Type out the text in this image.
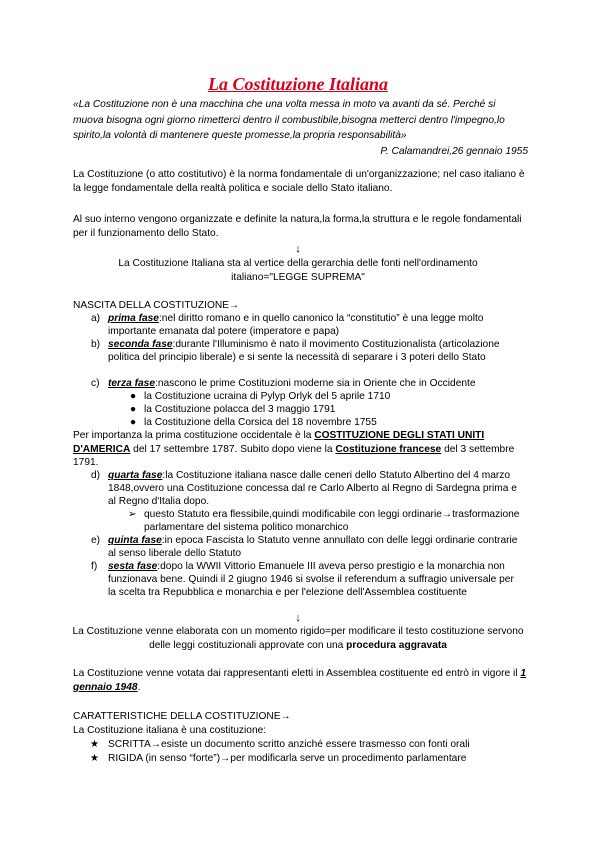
La Costituzione Italiana
«La Costituzione non è una macchina che una volta messa in moto va avanti da sé. Perché si muova bisogna ogni giorno rimetterci dentro il combustibile,bisogna metterci dentro l'impegno,lo spirito,la volontà di mantenere queste promesse,la propria responsabilità»
P. Calamandrei,26 gennaio 1955
La Costituzione (o atto costitutivo) è la norma fondamentale di un'organizzazione; nel caso italiano è la legge fondamentale della realtà politica e sociale dello Stato italiano.
Al suo interno vengono organizzate e definite la natura,la forma,la struttura e le regole fondamentali per il funzionamento dello Stato.
↓
La Costituzione Italiana sta al vertice della gerarchia delle fonti nell'ordinamento italiano="LEGGE SUPREMA"
NASCITA DELLA COSTITUZIONE→
a) prima fase:nel diritto romano e in quello canonico la “constitutio” è una legge molto importante emanata dal potere (imperatore e papa)
b) seconda fase:durante l'Illuminismo è nato il movimento Costituzionalista (articolazione politica del principio liberale) e si sente la necessità di separare i 3 poteri dello Stato
c) terza fase:nascono le prime Costituzioni moderne sia in Oriente che in Occidente
● la Costituzione ucraina di Pylyp Orlyk del 5 aprile 1710
● la Costituzione polacca del 3 maggio 1791
● la Costituzione della Corsica del 18 novembre 1755
Per importanza la prima costituzione occidentale è la COSTITUZIONE DEGLI STATI UNITI D'AMERICA del 17 settembre 1787. Subito dopo viene la Costituzione francese del 3 settembre 1791.
d) quarta fase:la Costituzione italiana nasce dalle ceneri dello Statuto Albertino del 4 marzo 1848,ovvero una Costituzione concessa dal re Carlo Alberto al Regno di Sardegna prima e al Regno d'Italia dopo.
➢ questo Statuto era flessibile,quindi modificabile con leggi ordinarie→trasformazione parlamentare del sistema politico monarchico
e) quinta fase:in epoca Fascista lo Statuto venne annullato con delle leggi ordinarie contrarie al senso liberale dello Statuto
f) sesta fase:dopo la WWII Vittorio Emanuele III aveva perso prestigio e la monarchia non funzionava bene. Quindi il 2 giugno 1946 si svolse il referendum a suffragio universale per la scelta tra Repubblica e monarchia e per l'elezione dell'Assemblea costituente
↓
La Costituzione venne elaborata con un momento rigido=per modificare il testo costituzione servono delle leggi costituzionali approvate con una procedura aggravata
La Costituzione venne votata dai rappresentanti eletti in Assemblea costituente ed entrò in vigore il 1 gennaio 1948.
CARATTERISTICHE DELLA COSTITUZIONE→
La Costituzione italiana è una costituzione:
★ SCRITTA→esiste un documento scritto anziché essere trasmesso con fonti orali
★ RIGIDA (in senso “forte”)→per modificarla serve un procedimento parlamentare
